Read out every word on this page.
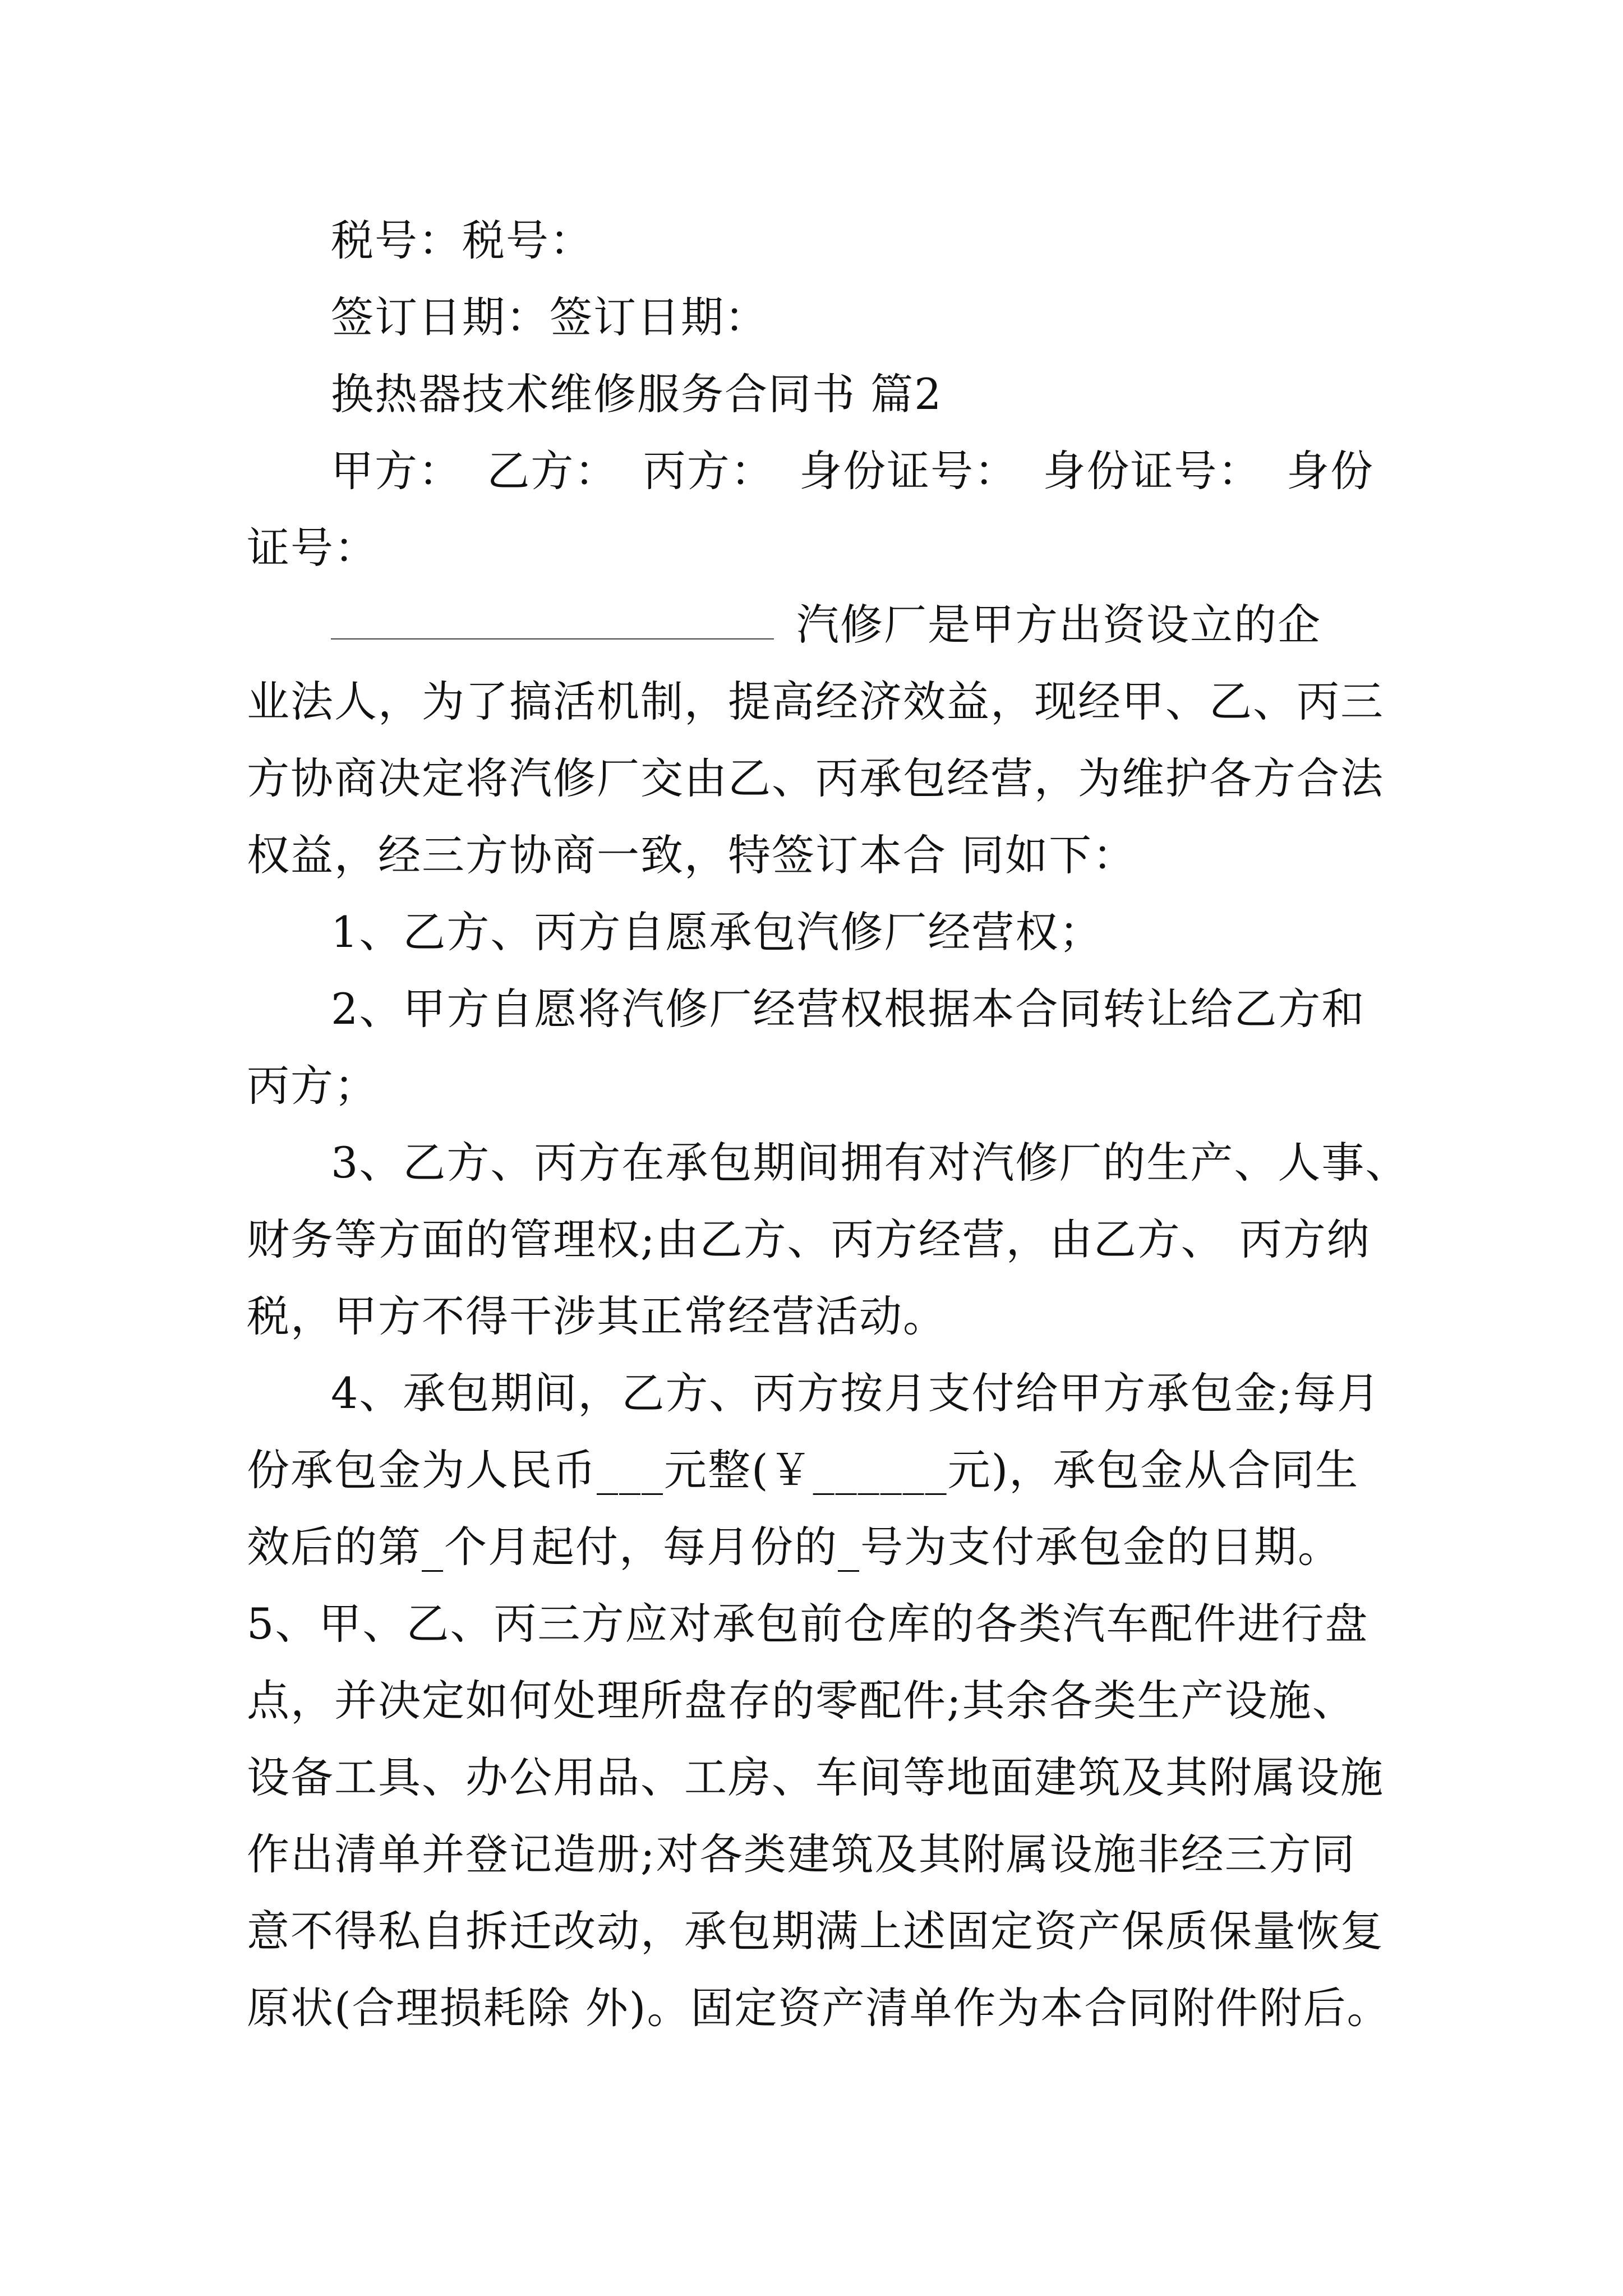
税号：税号：
签订日期：签订日期：
换热器技术维修服务合同书 篇2
甲方： 乙方： 丙方： 身份证号： 身份证号： 身份
证号：
汽修厂是甲方出资设立的企
业法人，为了搞活机制，提高经济效益，现经甲、乙、丙三
方协商决定将汽修厂交由乙、丙承包经营，为维护各方合法
权益，经三方协商一致，特签订本合 同如下：
1、乙方、丙方自愿承包汽修厂经营权；
2、甲方自愿将汽修厂经营权根据本合同转让给乙方和
丙方；
3、乙方、丙方在承包期间拥有对汽修厂的生产、人事、
财务等方面的管理权;由乙方、丙方经营，由乙方、 丙方纳
税，甲方不得干涉其正常经营活动。
4、承包期间，乙方、丙方按月支付给甲方承包金;每月
份承包金为人民币___元整(￥______元)，承包金从合同生
效后的第_个月起付，每月份的_号为支付承包金的日期。
5、甲、乙、丙三方应对承包前仓库的各类汽车配件进行盘
点，并决定如何处理所盘存的零配件;其余各类生产设施、
设备工具、办公用品、工房、车间等地面建筑及其附属设施
作出清单并登记造册;对各类建筑及其附属设施非经三方同
意不得私自拆迁改动，承包期满上述固定资产保质保量恢复
原状(合理损耗除 外)。固定资产清单作为本合同附件附后。
